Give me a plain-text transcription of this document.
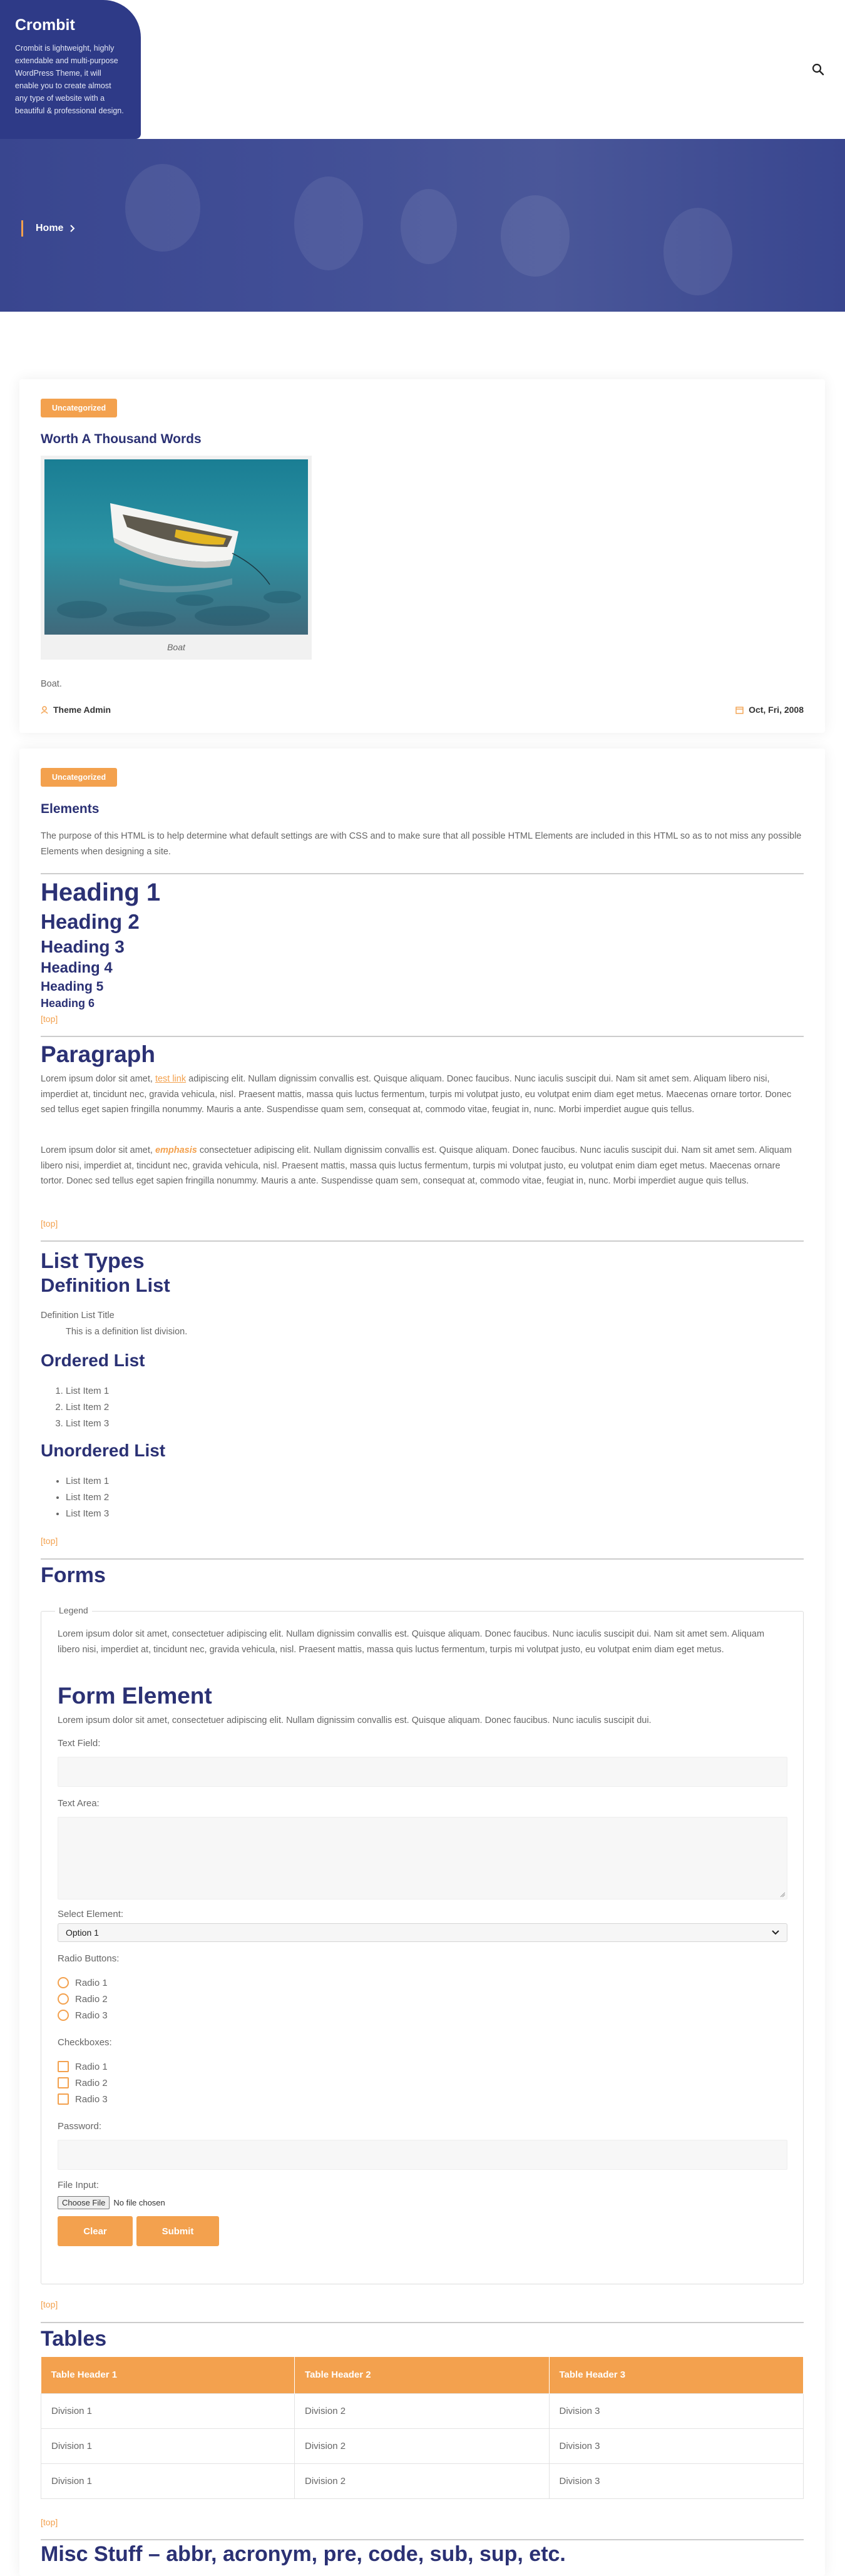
Crombit

Crombit is lightweight, highly extendable and multi-purpose WordPress Theme, it will enable you to create almost any type of website with a beautiful & professional design.

Home
Uncategorized
Worth A Thousand Words
Boat
Boat.
Theme Admin	Oct, Fri, 2008
Uncategorized
Elements
The purpose of this HTML is to help determine what default settings are with CSS and to make sure that all possible HTML Elements are included in this HTML so as to not miss any possible Elements when designing a site.
Heading 1
Heading 2
Heading 3
Heading 4
Heading 5
Heading 6
[top]
Paragraph
Lorem ipsum dolor sit amet, test link adipiscing elit. Nullam dignissim convallis est. Quisque aliquam. Donec faucibus. Nunc iaculis suscipit dui. Nam sit amet sem. Aliquam libero nisi, imperdiet at, tincidunt nec, gravida vehicula, nisl. Praesent mattis, massa quis luctus fermentum, turpis mi volutpat justo, eu volutpat enim diam eget metus. Maecenas ornare tortor. Donec sed tellus eget sapien fringilla nonummy. Mauris a ante. Suspendisse quam sem, consequat at, commodo vitae, feugiat in, nunc. Morbi imperdiet augue quis tellus.
Lorem ipsum dolor sit amet, emphasis consectetuer adipiscing elit. Nullam dignissim convallis est. Quisque aliquam. Donec faucibus. Nunc iaculis suscipit dui. Nam sit amet sem. Aliquam libero nisi, imperdiet at, tincidunt nec, gravida vehicula, nisl. Praesent mattis, massa quis luctus fermentum, turpis mi volutpat justo, eu volutpat enim diam eget metus. Maecenas ornare tortor. Donec sed tellus eget sapien fringilla nonummy. Mauris a ante. Suspendisse quam sem, consequat at, commodo vitae, feugiat in, nunc. Morbi imperdiet augue quis tellus.
[top]
List Types
Definition List
Definition List Title
This is a definition list division.
Ordered List
1. List Item 1
2. List Item 2
3. List Item 3
Unordered List
• List Item 1
• List Item 2
• List Item 3
[top]
Forms
Legend
Lorem ipsum dolor sit amet, consectetuer adipiscing elit. Nullam dignissim convallis est. Quisque aliquam. Donec faucibus. Nunc iaculis suscipit dui. Nam sit amet sem. Aliquam libero nisi, imperdiet at, tincidunt nec, gravida vehicula, nisl. Praesent mattis, massa quis luctus fermentum, turpis mi volutpat justo, eu volutpat enim diam eget metus.
Form Element
Lorem ipsum dolor sit amet, consectetuer adipiscing elit. Nullam dignissim convallis est. Quisque aliquam. Donec faucibus. Nunc iaculis suscipit dui.
Text Field:
Text Area:
Select Element:
Option 1
Radio Buttons:
Radio 1
Radio 2
Radio 3
Checkboxes:
Radio 1
Radio 2
Radio 3
Password:
File Input:
Choose File	No file chosen
Clear	Submit
[top]
Tables
Table Header 1	Table Header 2	Table Header 3
Division 1	Division 2	Division 3
Division 1	Division 2	Division 3
Division 1	Division 2	Division 3
[top]
Misc Stuff – abbr, acronym, pre, code, sub, sup, etc.
